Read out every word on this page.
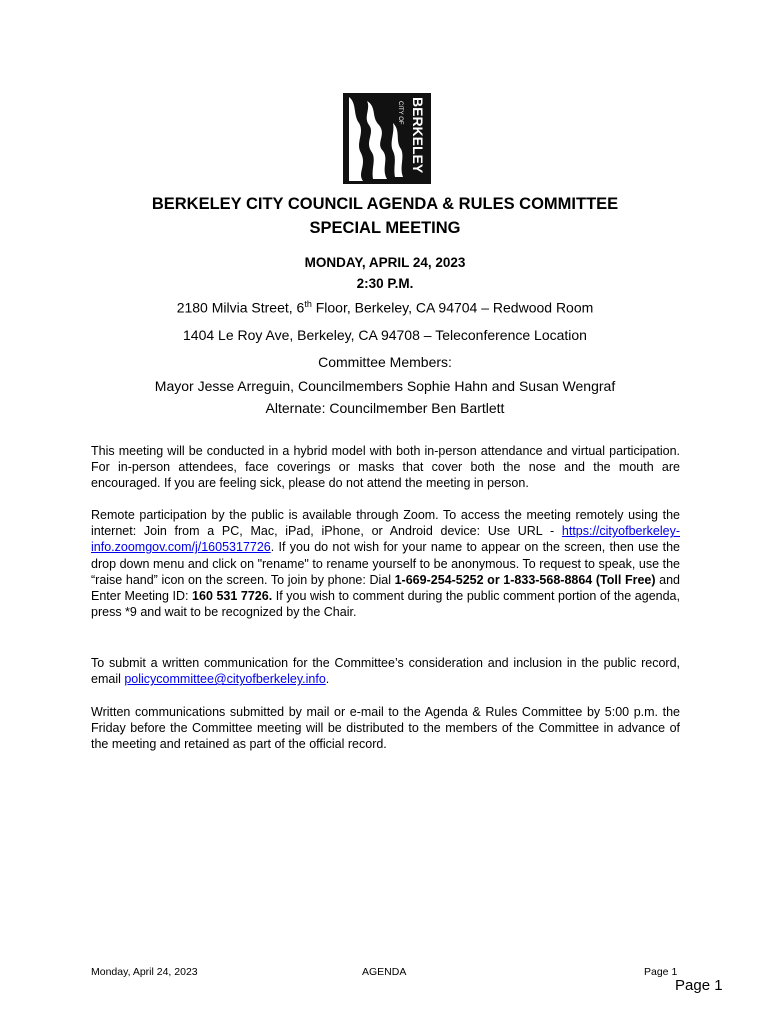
CITY OF BERKELEY
BERKELEY CITY COUNCIL AGENDA & RULES COMMITTEE
SPECIAL MEETING
MONDAY, APRIL 24, 2023
2:30 P.M.
2180 Milvia Street, 6th Floor, Berkeley, CA 94704 – Redwood Room
1404 Le Roy Ave, Berkeley, CA 94708 – Teleconference Location
Committee Members:
Mayor Jesse Arreguin, Councilmembers Sophie Hahn and Susan Wengraf
Alternate: Councilmember Ben Bartlett

This meeting will be conducted in a hybrid model with both in-person attendance and virtual participation. For in-person attendees, face coverings or masks that cover both the nose and the mouth are encouraged. If you are feeling sick, please do not attend the meeting in person.

Remote participation by the public is available through Zoom. To access the meeting remotely using the internet: Join from a PC, Mac, iPad, iPhone, or Android device: Use URL - https://cityofberkeley-info.zoomgov.com/j/1605317726. If you do not wish for your name to appear on the screen, then use the drop down menu and click on "rename" to rename yourself to be anonymous. To request to speak, use the “raise hand” icon on the screen. To join by phone: Dial 1-669-254-5252 or 1-833-568-8864 (Toll Free) and Enter Meeting ID: 160 531 7726. If you wish to comment during the public comment portion of the agenda, press *9 and wait to be recognized by the Chair.

To submit a written communication for the Committee’s consideration and inclusion in the public record, email policycommittee@cityofberkeley.info.

Written communications submitted by mail or e-mail to the Agenda & Rules Committee by 5:00 p.m. the Friday before the Committee meeting will be distributed to the members of the Committee in advance of the meeting and retained as part of the official record.

Monday, April 24, 2023	AGENDA	Page 1
Page 1
